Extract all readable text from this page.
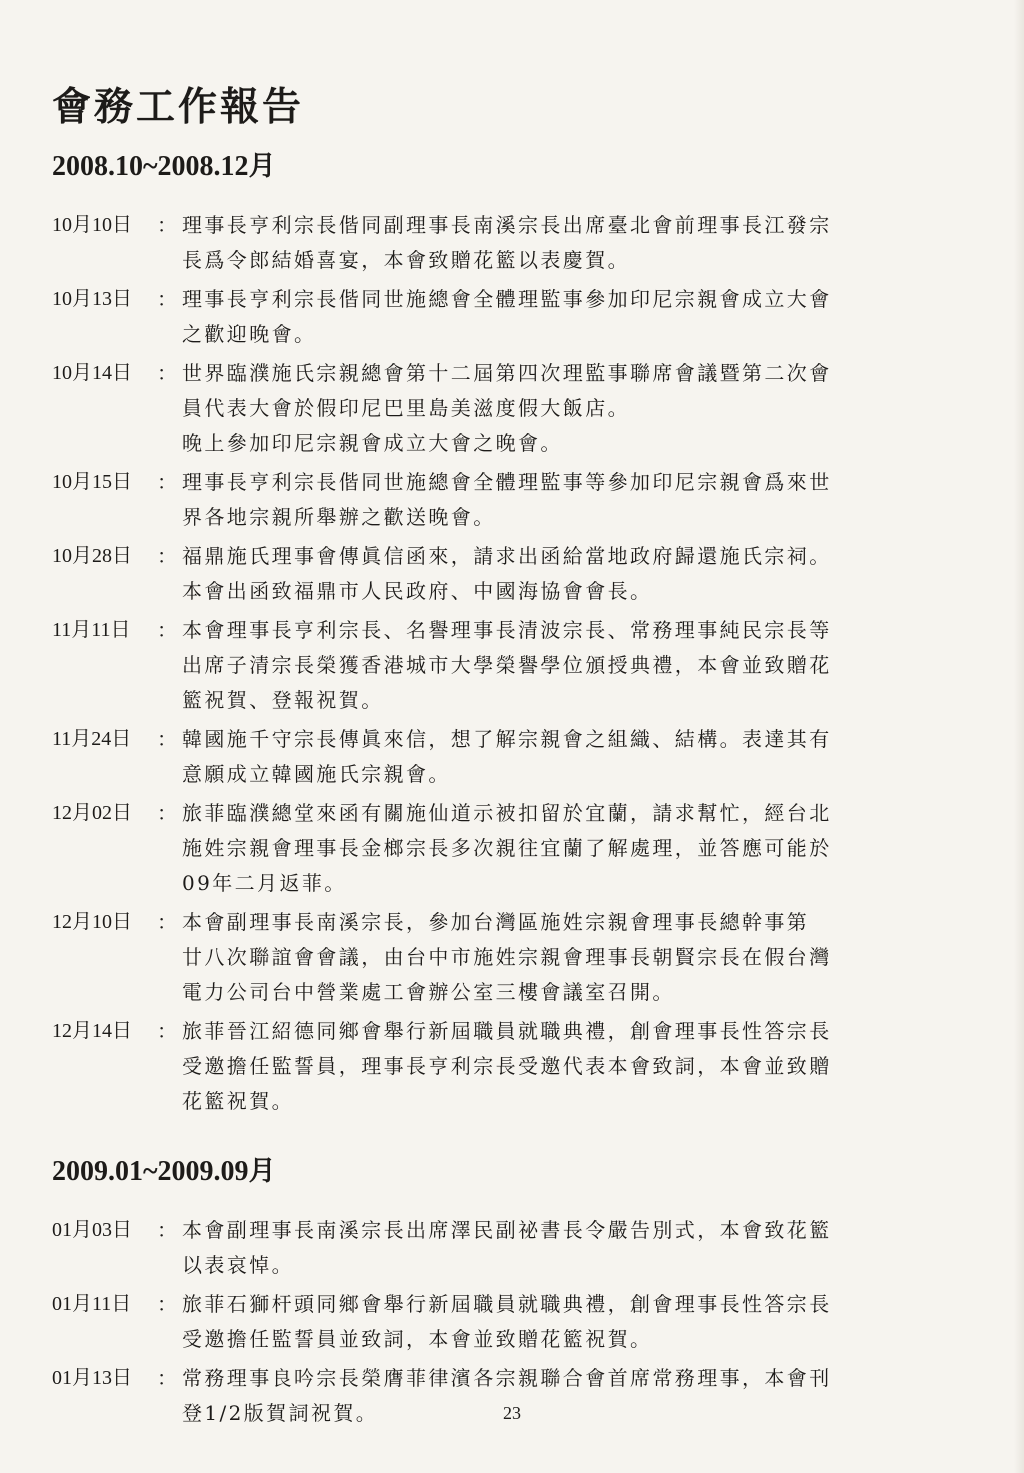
會務工作報告
2008.10~2008.12月
10月10日	： 理事長亨利宗長偕同副理事長南溪宗長出席臺北會前理事長江發宗
長爲令郎結婚喜宴，本會致贈花籃以表慶賀。
10月13日	： 理事長亨利宗長偕同世施總會全體理監事參加印尼宗親會成立大會
之歡迎晚會。
10月14日	： 世界臨濮施氏宗親總會第十二屆第四次理監事聯席會議暨第二次會
員代表大會於假印尼巴里島美滋度假大飯店。
晚上參加印尼宗親會成立大會之晚會。
10月15日	： 理事長亨利宗長偕同世施總會全體理監事等參加印尼宗親會爲來世
界各地宗親所舉辦之歡送晚會。
10月28日	： 福鼎施氏理事會傳眞信函來，請求出函給當地政府歸還施氏宗祠。
本會出函致福鼎市人民政府、中國海協會會長。
11月11日	： 本會理事長亨利宗長、名譽理事長清波宗長、常務理事純民宗長等
出席子清宗長榮獲香港城市大學榮譽學位頒授典禮，本會並致贈花
籃祝賀、登報祝賀。
11月24日	： 韓國施千守宗長傳眞來信，想了解宗親會之組織、結構。表達其有
意願成立韓國施氏宗親會。
12月02日	： 旅菲臨濮總堂來函有關施仙道示被扣留於宜蘭，請求幫忙，經台北
施姓宗親會理事長金榔宗長多次親往宜蘭了解處理，並答應可能於
09年二月返菲。
12月10日	： 本會副理事長南溪宗長，參加台灣區施姓宗親會理事長總幹事第
廿八次聯誼會會議，由台中市施姓宗親會理事長朝賢宗長在假台灣
電力公司台中營業處工會辦公室三樓會議室召開。
12月14日	： 旅菲晉江紹德同鄉會舉行新屆職員就職典禮，創會理事長性答宗長
受邀擔任監誓員，理事長亨利宗長受邀代表本會致詞，本會並致贈
花籃祝賀。
2009.01~2009.09月
01月03日	： 本會副理事長南溪宗長出席澤民副祕書長令嚴告別式，本會致花籃
以表哀悼。
01月11日	： 旅菲石獅杆頭同鄉會舉行新屆職員就職典禮，創會理事長性答宗長
受邀擔任監誓員並致詞，本會並致贈花籃祝賀。
01月13日	： 常務理事良吟宗長榮膺菲律濱各宗親聯合會首席常務理事，本會刊
登1/2版賀詞祝賀。	23
